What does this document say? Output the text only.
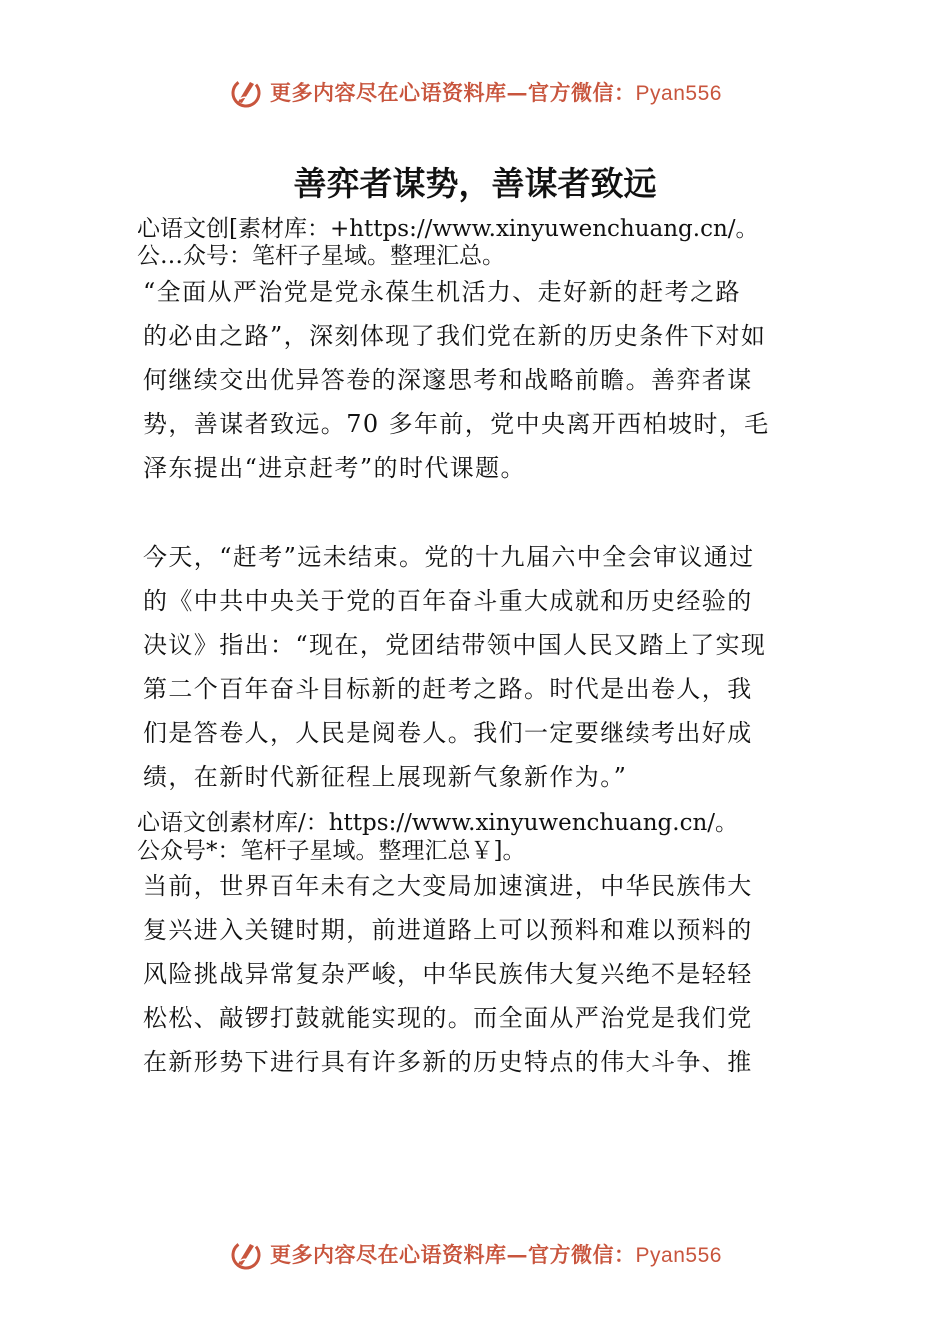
更多内容尽在心语资料库—官方微信：Pyan556
善弈者谋势，善谋者致远

心语文创[素材库：+https://www.xinyuwenchuang.cn/。

公…众号：笔杆子星域。整理汇总。

“全面从严治党是党永葆生机活力、走好新的赶考之路
的必由之路”，深刻体现了我们党在新的历史条件下对如
何继续交出优异答卷的深邃思考和战略前瞻。善弈者谋
势，善谋者致远。70 多年前，党中央离开西柏坡时，毛
泽东提出“进京赶考”的时代课题。
今天，“赶考”远未结束。党的十九届六中全会审议通过
的《中共中央关于党的百年奋斗重大成就和历史经验的
决议》指出：“现在，党团结带领中国人民又踏上了实现
第二个百年奋斗目标新的赶考之路。时代是出卷人，我
们是答卷人，人民是阅卷人。我们一定要继续考出好成
绩，在新时代新征程上展现新气象新作为。”

心语文创素材库/：https://www.xinyuwenchuang.cn/。

公众号*：笔杆子星域。整理汇总￥]。

当前，世界百年未有之大变局加速演进，中华民族伟大
复兴进入关键时期，前进道路上可以预料和难以预料的
风险挑战异常复杂严峻，中华民族伟大复兴绝不是轻轻
松松、敲锣打鼓就能实现的。而全面从严治党是我们党
在新形势下进行具有许多新的历史特点的伟大斗争、推
更多内容尽在心语资料库—官方微信：Pyan556
